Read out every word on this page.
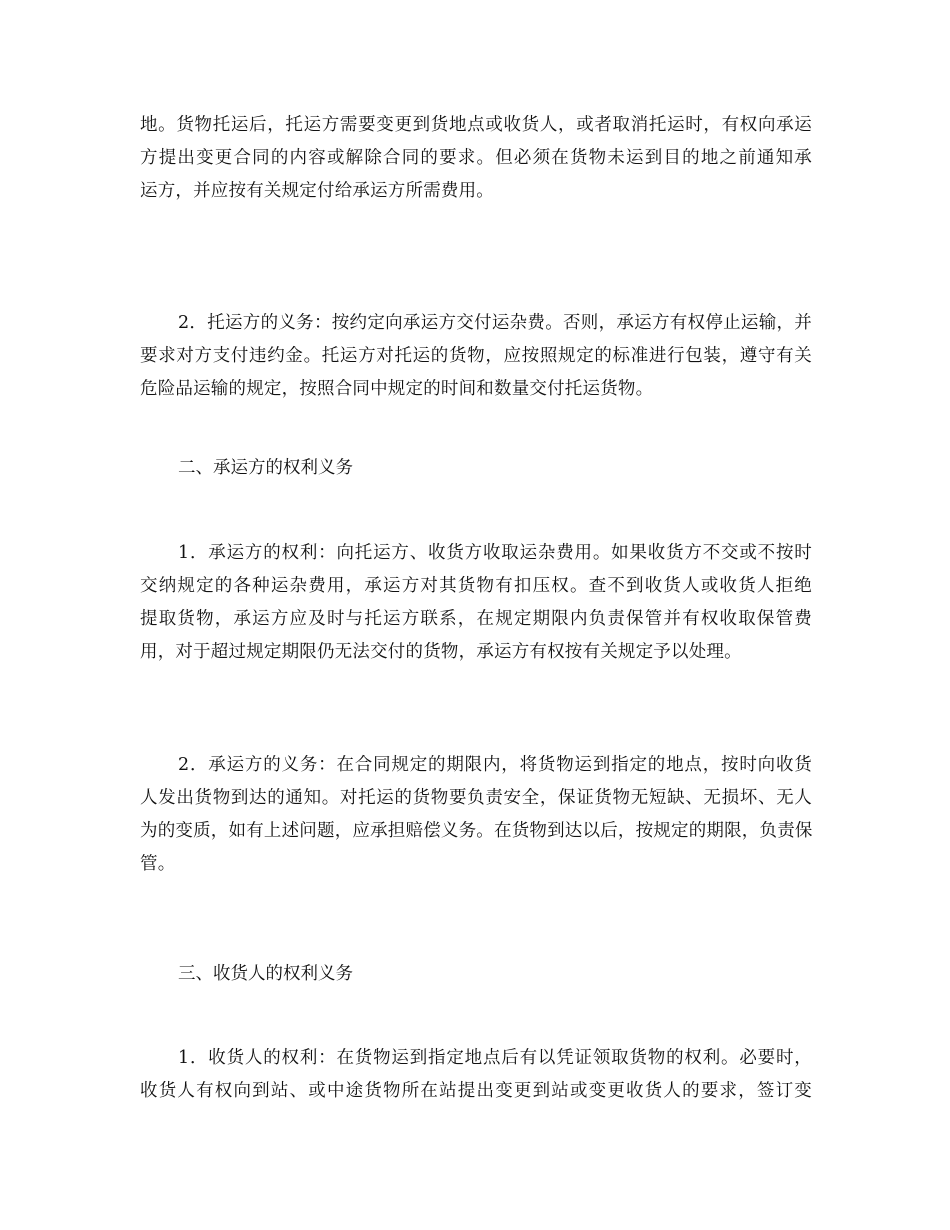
地。货物托运后，托运方需要变更到货地点或收货人，或者取消托运时，有权向承运
方提出变更合同的内容或解除合同的要求。但必须在货物未运到目的地之前通知承
运方，并应按有关规定付给承运方所需费用。

2．托运方的义务：按约定向承运方交付运杂费。否则，承运方有权停止运输，并
要求对方支付违约金。托运方对托运的货物，应按照规定的标准进行包装，遵守有关
危险品运输的规定，按照合同中规定的时间和数量交付托运货物。

二、承运方的权利义务

1．承运方的权利：向托运方、收货方收取运杂费用。如果收货方不交或不按时
交纳规定的各种运杂费用，承运方对其货物有扣压权。查不到收货人或收货人拒绝
提取货物，承运方应及时与托运方联系，在规定期限内负责保管并有权收取保管费
用，对于超过规定期限仍无法交付的货物，承运方有权按有关规定予以处理。

2．承运方的义务：在合同规定的期限内，将货物运到指定的地点，按时向收货
人发出货物到达的通知。对托运的货物要负责安全，保证货物无短缺、无损坏、无人
为的变质，如有上述问题，应承担赔偿义务。在货物到达以后，按规定的期限，负责保
管。

三、收货人的权利义务

1．收货人的权利：在货物运到指定地点后有以凭证领取货物的权利。必要时，
收货人有权向到站、或中途货物所在站提出变更到站或变更收货人的要求，签订变
